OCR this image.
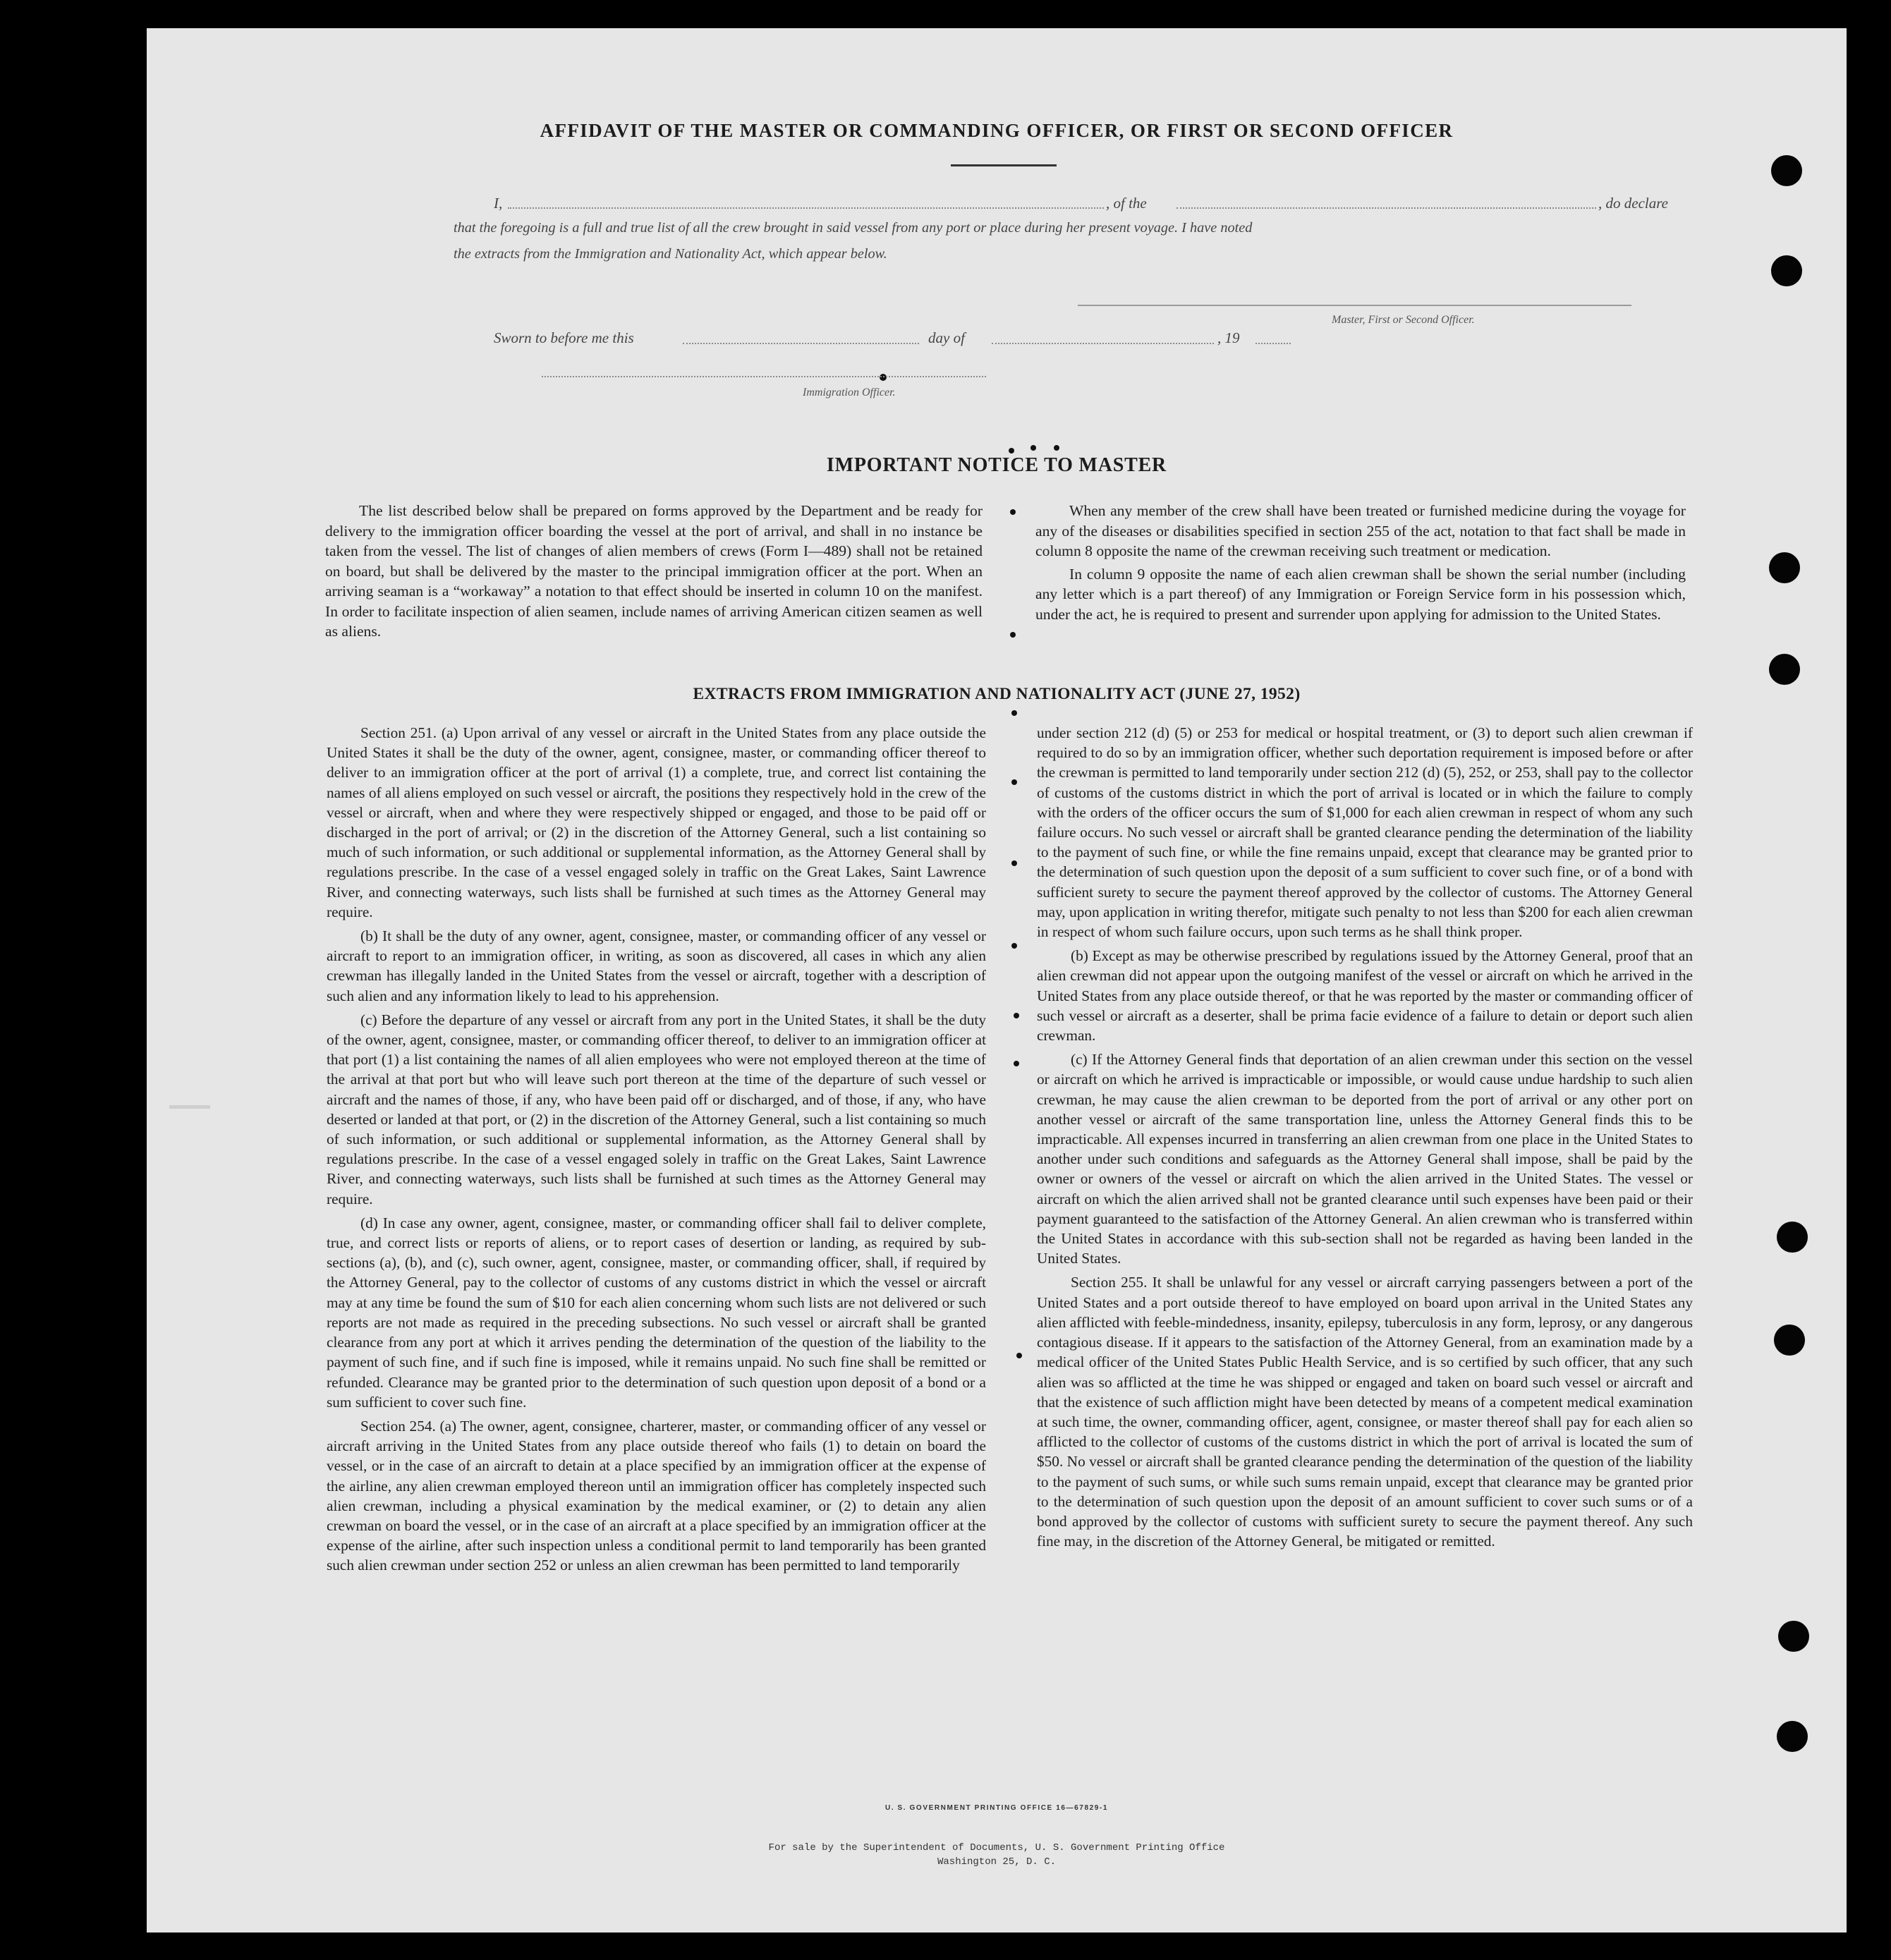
AFFIDAVIT OF THE MASTER OR COMMANDING OFFICER, OR FIRST OR SECOND OFFICER
I,	, of the	, do declare
that the foregoing is a full and true list of all the crew brought in said vessel from any port or place during her present voyage. I have noted
the extracts from the Immigration and Nationality Act, which appear below.
Master, First or Second Officer.
Sworn to before me this	day of	, 19
Immigration Officer.
IMPORTANT NOTICE TO MASTER

The list described below shall be prepared on forms approved by the Department and be ready for delivery to the immigration officer boarding the vessel at the port of arrival, and shall in no instance be taken from the vessel. The list of changes of alien members of crews (Form I—489) shall not be retained on board, but shall be delivered by the master to the principal immigration officer at the port. When an arriving seaman is a “workaway” a notation to that effect should be inserted in column 10 on the manifest. In order to facilitate inspection of alien seamen, include names of arriving American citizen seamen as well as aliens.

When any member of the crew shall have been treated or furnished medicine during the voyage for any of the diseases or disabilities specified in section 255 of the act, notation to that fact shall be made in column 8 opposite the name of the crewman receiving such treatment or medication.

In column 9 opposite the name of each alien crewman shall be shown the serial number (including any letter which is a part thereof) of any Immigration or Foreign Service form in his possession which, under the act, he is required to present and surrender upon applying for admission to the United States.

EXTRACTS FROM IMMIGRATION AND NATIONALITY ACT (JUNE 27, 1952)

Section 251. (a) Upon arrival of any vessel or aircraft in the United States from any place outside the United States it shall be the duty of the owner, agent, consignee, master, or commanding officer thereof to deliver to an immigration officer at the port of arrival (1) a complete, true, and correct list containing the names of all aliens employed on such vessel or aircraft, the positions they respectively hold in the crew of the vessel or aircraft, when and where they were respectively shipped or engaged, and those to be paid off or discharged in the port of arrival; or (2) in the discretion of the Attorney General, such a list containing so much of such information, or such additional or supplemental information, as the Attorney General shall by regulations prescribe. In the case of a vessel engaged solely in traffic on the Great Lakes, Saint Lawrence River, and connecting waterways, such lists shall be furnished at such times as the Attorney General may require.

(b) It shall be the duty of any owner, agent, consignee, master, or commanding officer of any vessel or aircraft to report to an immigration officer, in writing, as soon as discovered, all cases in which any alien crewman has illegally landed in the United States from the vessel or aircraft, together with a description of such alien and any information likely to lead to his apprehension.

(c) Before the departure of any vessel or aircraft from any port in the United States, it shall be the duty of the owner, agent, consignee, master, or commanding officer thereof, to deliver to an immigration officer at that port (1) a list containing the names of all alien employees who were not employed thereon at the time of the arrival at that port but who will leave such port thereon at the time of the departure of such vessel or aircraft and the names of those, if any, who have been paid off or discharged, and of those, if any, who have deserted or landed at that port, or (2) in the discretion of the Attorney General, such a list containing so much of such information, or such additional or supplemental information, as the Attorney General shall by regulations prescribe. In the case of a vessel engaged solely in traffic on the Great Lakes, Saint Lawrence River, and connecting waterways, such lists shall be furnished at such times as the Attorney General may require.

(d) In case any owner, agent, consignee, master, or commanding officer shall fail to deliver complete, true, and correct lists or reports of aliens, or to report cases of desertion or landing, as required by sub-sections (a), (b), and (c), such owner, agent, consignee, master, or commanding officer, shall, if required by the Attorney General, pay to the collector of customs of any customs district in which the vessel or aircraft may at any time be found the sum of $10 for each alien concerning whom such lists are not delivered or such reports are not made as required in the preceding subsections. No such vessel or aircraft shall be granted clearance from any port at which it arrives pending the determination of the question of the liability to the payment of such fine, and if such fine is imposed, while it remains unpaid. No such fine shall be remitted or refunded. Clearance may be granted prior to the determination of such question upon deposit of a bond or a sum sufficient to cover such fine.

Section 254. (a) The owner, agent, consignee, charterer, master, or commanding officer of any vessel or aircraft arriving in the United States from any place outside thereof who fails (1) to detain on board the vessel, or in the case of an aircraft to detain at a place specified by an immigration officer at the expense of the airline, any alien crewman employed thereon until an immigration officer has completely inspected such alien crewman, including a physical examination by the medical examiner, or (2) to detain any alien crewman on board the vessel, or in the case of an aircraft at a place specified by an immigration officer at the expense of the airline, after such inspection unless a conditional permit to land temporarily has been granted such alien crewman under section 252 or unless an alien crewman has been permitted to land temporarily

under section 212 (d) (5) or 253 for medical or hospital treatment, or (3) to deport such alien crewman if required to do so by an immigration officer, whether such deportation requirement is imposed before or after the crewman is permitted to land temporarily under section 212 (d) (5), 252, or 253, shall pay to the collector of customs of the customs district in which the port of arrival is located or in which the failure to comply with the orders of the officer occurs the sum of $1,000 for each alien crewman in respect of whom any such failure occurs. No such vessel or aircraft shall be granted clearance pending the determination of the liability to the payment of such fine, or while the fine remains unpaid, except that clearance may be granted prior to the determination of such question upon the deposit of a sum sufficient to cover such fine, or of a bond with sufficient surety to secure the payment thereof approved by the collector of customs. The Attorney General may, upon application in writing therefor, mitigate such penalty to not less than $200 for each alien crewman in respect of whom such failure occurs, upon such terms as he shall think proper.

(b) Except as may be otherwise prescribed by regulations issued by the Attorney General, proof that an alien crewman did not appear upon the outgoing manifest of the vessel or aircraft on which he arrived in the United States from any place outside thereof, or that he was reported by the master or commanding officer of such vessel or aircraft as a deserter, shall be prima facie evidence of a failure to detain or deport such alien crewman.

(c) If the Attorney General finds that deportation of an alien crewman under this section on the vessel or aircraft on which he arrived is impracticable or impossible, or would cause undue hardship to such alien crewman, he may cause the alien crewman to be deported from the port of arrival or any other port on another vessel or aircraft of the same transportation line, unless the Attorney General finds this to be impracticable. All expenses incurred in transferring an alien crewman from one place in the United States to another under such conditions and safeguards as the Attorney General shall impose, shall be paid by the owner or owners of the vessel or aircraft on which the alien arrived in the United States. The vessel or aircraft on which the alien arrived shall not be granted clearance until such expenses have been paid or their payment guaranteed to the satisfaction of the Attorney General. An alien crewman who is transferred within the United States in accordance with this sub-section shall not be regarded as having been landed in the United States.

Section 255. It shall be unlawful for any vessel or aircraft carrying passengers between a port of the United States and a port outside thereof to have employed on board upon arrival in the United States any alien afflicted with feeble-mindedness, insanity, epilepsy, tuberculosis in any form, leprosy, or any dangerous contagious disease. If it appears to the satisfaction of the Attorney General, from an examination made by a medical officer of the United States Public Health Service, and is so certified by such officer, that any such alien was so afflicted at the time he was shipped or engaged and taken on board such vessel or aircraft and that the existence of such affliction might have been detected by means of a competent medical examination at such time, the owner, commanding officer, agent, consignee, or master thereof shall pay for each alien so afflicted to the collector of customs of the customs district in which the port of arrival is located the sum of $50. No vessel or aircraft shall be granted clearance pending the determination of the question of the liability to the payment of such sums, or while such sums remain unpaid, except that clearance may be granted prior to the determination of such question upon the deposit of an amount sufficient to cover such sums or of a bond approved by the collector of customs with sufficient surety to secure the payment thereof. Any such fine may, in the discretion of the Attorney General, be mitigated or remitted.

U. S. GOVERNMENT PRINTING OFFICE 16—67829-1
For sale by the Superintendent of Documents, U. S. Government Printing Office
Washington 25, D. C.
